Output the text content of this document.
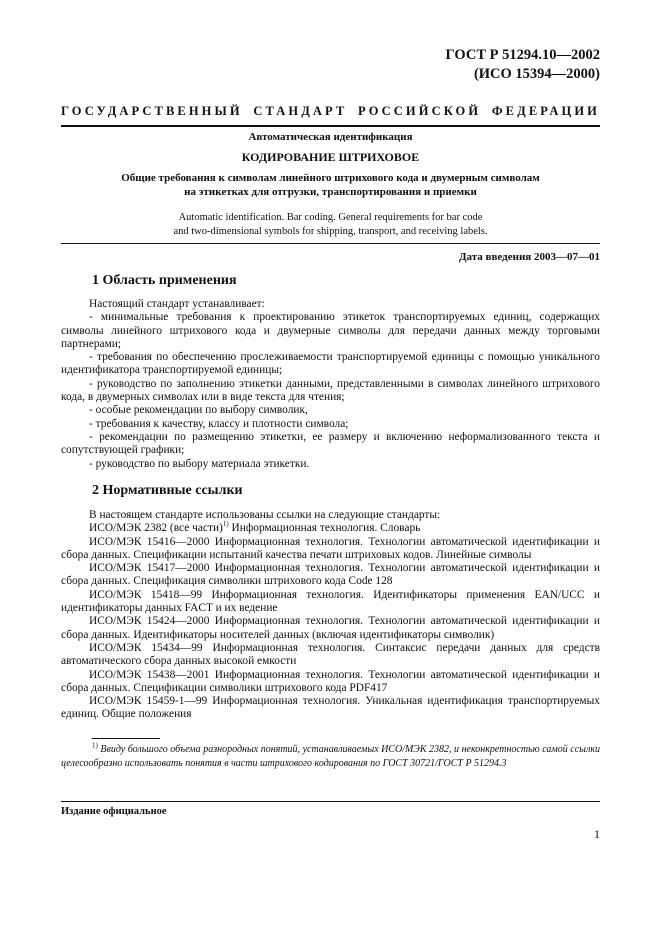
ГОСТ Р 51294.10—2002
(ИСО 15394—2000)
ГОСУДАРСТВЕННЫЙ СТАНДАРТ РОССИЙСКОЙ ФЕДЕРАЦИИ
Автоматическая идентификация
КОДИРОВАНИЕ ШТРИХОВОЕ
Общие требования к символам линейного штрихового кода и двумерным символам
на этикетках для отгрузки, транспортирования и приемки
Automatic identification. Bar coding. General requirements for bar code
and two-dimensional symbols for shipping, transport, and receiving labels.
Дата введения 2003—07—01
1 Область применения

Настоящий стандарт устанавливает:

- минимальные требования к проектированию этикеток транспортируемых единиц, содержащих символы линейного штрихового кода и двумерные символы для передачи данных между торговыми партнерами;

- требования по обеспечению прослеживаемости транспортируемой единицы с помощью уникального идентификатора транспортируемой единицы;

- руководство по заполнению этикетки данными, представленными в символах линейного штрихового кода, в двумерных символах или в виде текста для чтения;

- особые рекомендации по выбору символик,

- требования к качеству, классу и плотности символа;

- рекомендации по размещению этикетки, ее размеру и включению неформализованного текста и сопутствующей графики;

- руководство по выбору материала этикетки.

2 Нормативные ссылки

В настоящем стандарте использованы ссылки на следующие стандарты:

ИСО/МЭК 2382 (все части)$^{1)}$ Информационная технология. Словарь

ИСО/МЭК 15416—2000 Информационная технология. Технологии автоматической идентификации и сбора данных. Спецификации испытаний качества печати штриховых кодов. Линейные символы

ИСО/МЭК 15417—2000 Информационная технология. Технологии автоматической идентификации и сбора данных. Спецификация символики штрихового кода Code 128

ИСО/МЭК 15418—99 Информационная технология. Идентификаторы применения EAN/UCC и идентификаторы данных FACT и их ведение

ИСО/МЭК 15424—2000 Информационная технология. Технологии автоматической идентификации и сбора данных. Идентификаторы носителей данных (включая идентификаторы символик)

ИСО/МЭК 15434—99 Информационная технология. Синтаксис передачи данных для средств автоматического сбора данных высокой емкости

ИСО/МЭК 15438—2001 Информационная технология. Технологии автоматической идентификации и сбора данных. Спецификации символики штрихового кода PDF417

ИСО/МЭК 15459-1—99 Информационная технология. Уникальная идентификация транспортируемых единиц. Общие положения

$^{1)}$ Ввиду большого объема разнородных понятий, устанавливаемых ИСО/МЭК 2382, и неконкретностью самой ссылки целесообразно использовать понятия в части штрихового кодирования по ГОСТ 30721/ГОСТ Р 51294.3
Издание официальное
1
